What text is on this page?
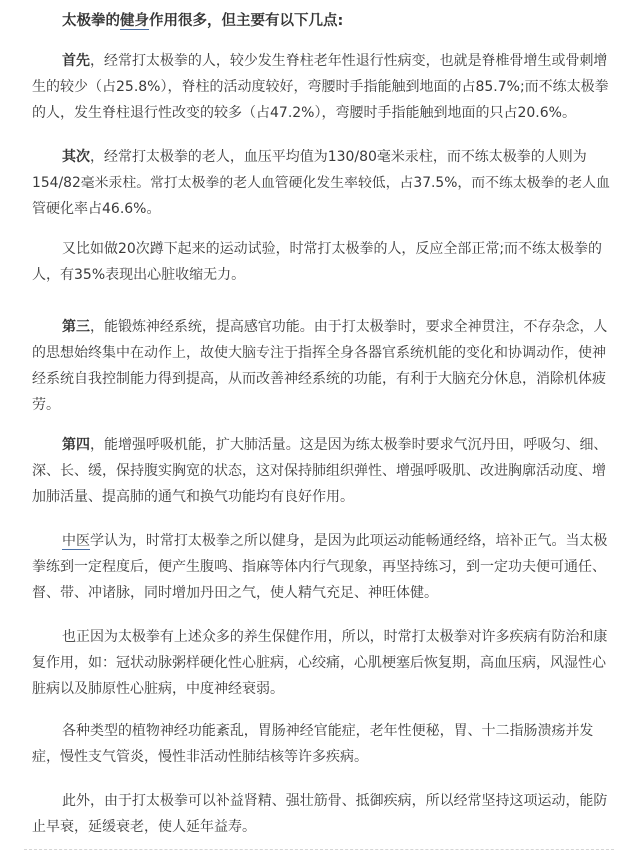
太极拳的健身作用很多，但主要有以下几点:

首先，经常打太极拳的人，较少发生脊柱老年性退行性病变，也就是脊椎骨增生或骨刺增
生的较少（占25.8%），脊柱的活动度较好，弯腰时手指能触到地面的占85.7%;而不练太极拳
的人，发生脊柱退行性改变的较多（占47.2%），弯腰时手指能触到地面的只占20.6%。
其次，经常打太极拳的老人，血压平均值为130/80毫米汞柱，而不练太极拳的人则为
154/82毫米汞柱。常打太极拳的老人血管硬化发生率较低，占37.5%，而不练太极拳的老人血
管硬化率占46.6%。
又比如做20次蹲下起来的运动试验，时常打太极拳的人，反应全部正常;而不练太极拳的
人，有35%表现出心脏收缩无力。
第三，能锻炼神经系统，提高感官功能。由于打太极拳时，要求全神贯注，不存杂念，人
的思想始终集中在动作上，故使大脑专注于指挥全身各器官系统机能的变化和协调动作，使神
经系统自我控制能力得到提高，从而改善神经系统的功能，有利于大脑充分休息，消除机体疲
劳。
第四，能增强呼吸机能，扩大肺活量。这是因为练太极拳时要求气沉丹田，呼吸匀、细、
深、长、缓，保持腹实胸宽的状态，这对保持肺组织弹性、增强呼吸肌、改进胸廓活动度、增
加肺活量、提高肺的通气和换气功能均有良好作用。
中医学认为，时常打太极拳之所以健身，是因为此项运动能畅通经络，培补正气。当太极
拳练到一定程度后，便产生腹鸣、指麻等体内行气现象，再坚持练习，到一定功夫便可通任、
督、带、冲诸脉，同时增加丹田之气，使人精气充足、神旺体健。
也正因为太极拳有上述众多的养生保健作用，所以，时常打太极拳对许多疾病有防治和康
复作用，如：冠状动脉粥样硬化性心脏病，心绞痛，心肌梗塞后恢复期，高血压病，风湿性心
脏病以及肺原性心脏病，中度神经衰弱。
各种类型的植物神经功能紊乱，胃肠神经官能症，老年性便秘，胃、十二指肠溃疡并发
症，慢性支气管炎，慢性非活动性肺结核等许多疾病。
此外，由于打太极拳可以补益肾精、强壮筋骨、抵御疾病，所以经常坚持这项运动，能防
止早衰，延缓衰老，使人延年益寿。
